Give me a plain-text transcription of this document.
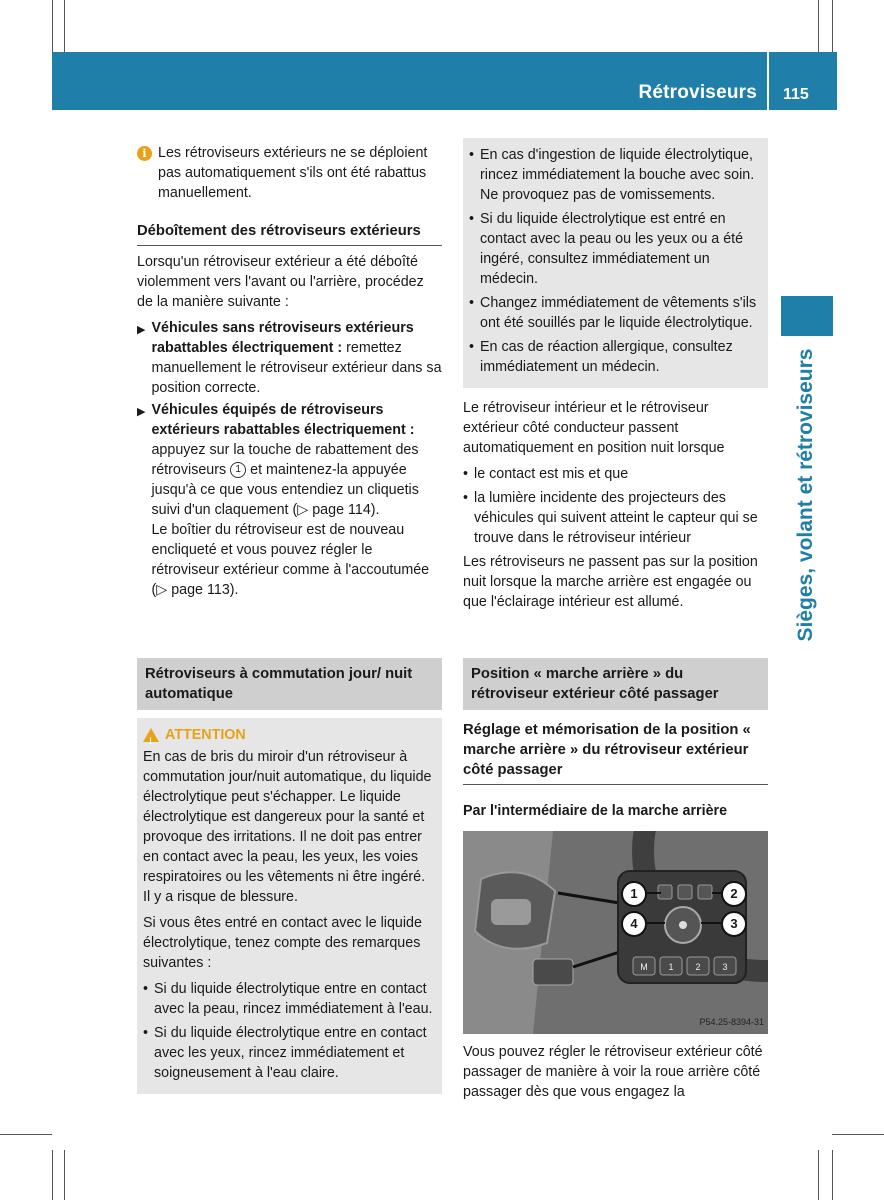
Rétroviseurs 115
Sièges, volant et rétroviseurs
i Les rétroviseurs extérieurs ne se déploient pas automatiquement s'ils ont été rabattus manuellement.
Déboîtement des rétroviseurs extérieurs

Lorsqu'un rétroviseur extérieur a été déboîté violemment vers l'avant ou l'arrière, procédez de la manière suivante :

▶ Véhicules sans rétroviseurs extérieurs rabattables électriquement : remettez manuellement le rétroviseur extérieur dans sa position correcte.
▶ Véhicules équipés de rétroviseurs extérieurs rabattables électriquement : appuyez sur la touche de rabattement des rétroviseurs 1 et maintenez-la appuyée jusqu'à ce que vous entendiez un cliquetis suivi d'un claquement (▷ page 114).
Le boîtier du rétroviseur est de nouveau encliqueté et vous pouvez régler le rétroviseur extérieur comme à l'accoutumée (▷ page 113).
Rétroviseurs à commutation jour/ nuit automatique
! ATTENTION

En cas de bris du miroir d'un rétroviseur à commutation jour/nuit automatique, du liquide électrolytique peut s'échapper. Le liquide électrolytique est dangereux pour la santé et provoque des irritations. Il ne doit pas entrer en contact avec la peau, les yeux, les voies respiratoires ou les vêtements ni être ingéré. Il y a risque de blessure.

Si vous êtes entré en contact avec le liquide électrolytique, tenez compte des remarques suivantes :

• Si du liquide électrolytique entre en contact avec la peau, rincez immédiatement à l'eau.
• Si du liquide électrolytique entre en contact avec les yeux, rincez immédiatement et soigneusement à l'eau claire.
• En cas d'ingestion de liquide électrolytique, rincez immédiatement la bouche avec soin. Ne provoquez pas de vomissements.
• Si du liquide électrolytique est entré en contact avec la peau ou les yeux ou a été ingéré, consultez immédiatement un médecin.
• Changez immédiatement de vêtements s'ils ont été souillés par le liquide électrolytique.
• En cas de réaction allergique, consultez immédiatement un médecin.

Le rétroviseur intérieur et le rétroviseur extérieur côté conducteur passent automatiquement en position nuit lorsque

• le contact est mis et que
• la lumière incidente des projecteurs des véhicules qui suivent atteint le capteur qui se trouve dans le rétroviseur intérieur

Les rétroviseurs ne passent pas sur la position nuit lorsque la marche arrière est engagée ou que l'éclairage intérieur est allumé.

Position « marche arrière » du rétroviseur extérieur côté passager
Réglage et mémorisation de la position « marche arrière » du rétroviseur extérieur côté passager
Par l'intermédiaire de la marche arrière
M 1 2 3
1	2
3
4
P54.25-8394-31

Vous pouvez régler le rétroviseur extérieur côté passager de manière à voir la roue arrière côté passager dès que vous engagez la
